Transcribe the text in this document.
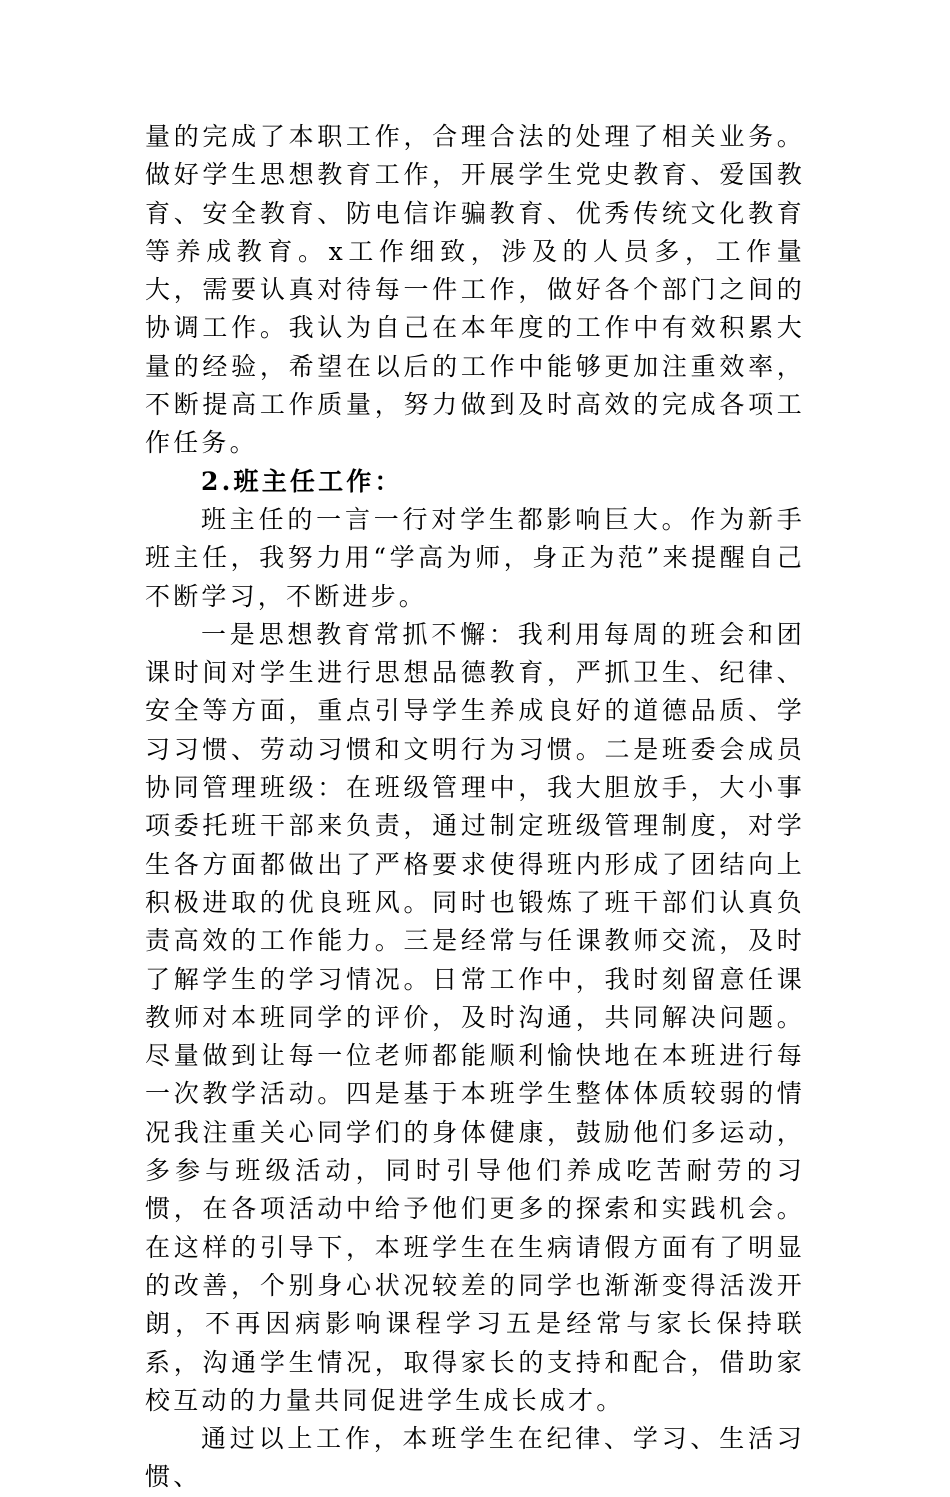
量的完成了本职工作，合理合法的处理了相关业务。做好学生思想教育工作，开展学生党史教育、爱国教育、安全教育、防电信诈骗教育、优秀传统文化教育等养成教育。x工作细致，涉及的人员多，工作量大，需要认真对待每一件工作，做好各个部门之间的协调工作。我认为自己在本年度的工作中有效积累大量的经验，希望在以后的工作中能够更加注重效率，不断提高工作质量，努力做到及时高效的完成各项工作任务。

2.班主任工作：

班主任的一言一行对学生都影响巨大。作为新手班主任，我努力用“学高为师，身正为范”来提醒自己不断学习，不断进步。

一是思想教育常抓不懈：我利用每周的班会和团课时间对学生进行思想品德教育，严抓卫生、纪律、安全等方面，重点引导学生养成良好的道德品质、学习习惯、劳动习惯和文明行为习惯。二是班委会成员协同管理班级：在班级管理中，我大胆放手，大小事项委托班干部来负责，通过制定班级管理制度，对学生各方面都做出了严格要求使得班内形成了团结向上积极进取的优良班风。同时也锻炼了班干部们认真负责高效的工作能力。三是经常与任课教师交流，及时了解学生的学习情况。日常工作中，我时刻留意任课教师对本班同学的评价，及时沟通，共同解决问题。尽量做到让每一位老师都能顺利愉快地在本班进行每一次教学活动。四是基于本班学生整体体质较弱的情况我注重关心同学们的身体健康，鼓励他们多运动，多参与班级活动，同时引导他们养成吃苦耐劳的习惯，在各项活动中给予他们更多的探索和实践机会。在这样的引导下，本班学生在生病请假方面有了明显的改善，个别身心状况较差的同学也渐渐变得活泼开朗，不再因病影响课程学习五是经常与家长保持联系，沟通学生情况，取得家长的支持和配合，借助家校互动的力量共同促进学生成长成才。

通过以上工作，本班学生在纪律、学习、生活习惯、
